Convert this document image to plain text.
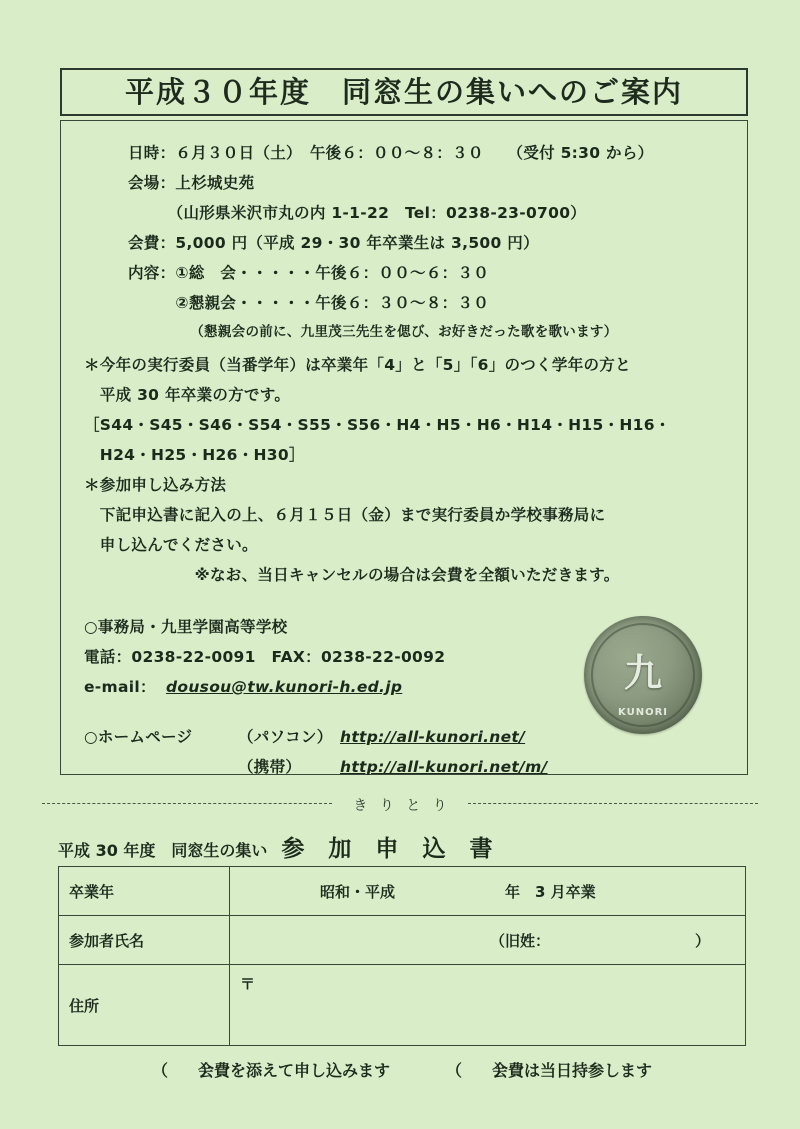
平成３０年度　同窓生の集いへのご案内
日時：６月３０日（土）　午後６：００〜８：３０　　（受付 5:30 から）
会場：上杉城史苑
　　　（山形県米沢市丸の内 1-1-22　Tel：0238-23-0700）
会費：5,000 円（平成 29・30 年卒業生は 3,500 円）
内容：①総　会・・・・・午後６：００〜６：３０
　　　②懇親会・・・・・午後６：３０〜８：３０
　　　　　（懇親会の前に、九里茂三先生を偲び、お好きだった歌を歌います）
＊今年の実行委員（当番学年）は卒業年「4」と「5」「6」のつく学年の方と
　平成 30 年卒業の方です。
［S44・S45・S46・S54・S55・S56・H4・H5・H6・H14・H15・H16・
　H24・H25・H26・H30］
＊参加申し込み方法
　下記申込書に記入の上、６月１５日（金）まで実行委員か学校事務局に
　申し込んでください。
　　　　　　　※なお、当日キャンセルの場合は会費を全額いただきます。
○事務局・九里学園高等学校
電話：0238-22-0091　FAX：0238-22-0092
e-mail： dousou@tw.kunori-h.ed.jp
○ホームページ	（パソコン） http://all-kunori.net/
（携帯）	http://all-kunori.net/m/
九
KUNORI
き り と り
平成 30 年度　同窓生の集い 参 加 申 込 書
卒業年	昭和・平成 年　3 月卒業

参加者氏名	（旧姓： ）

住所	〒
（　　）会費を添えて申し込みます	（　　）会費は当日持参します
